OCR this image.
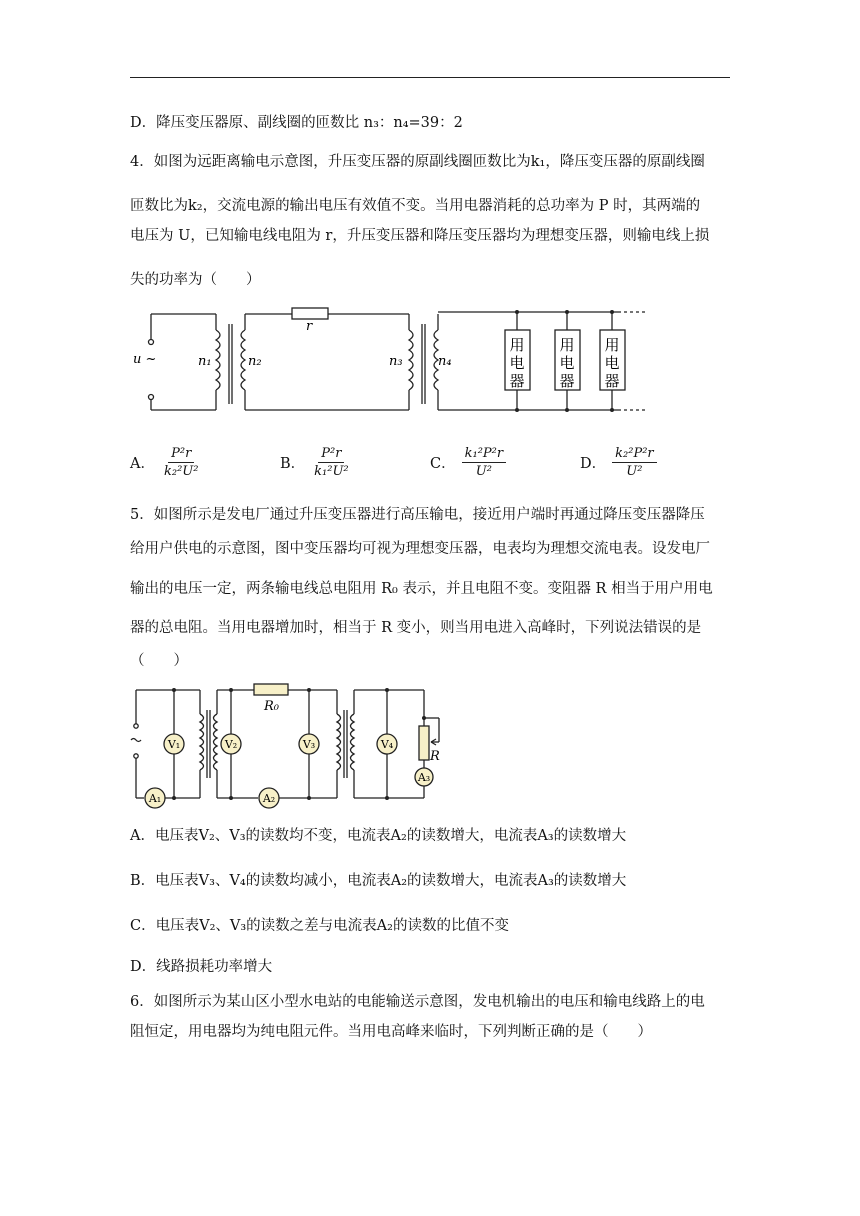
D．降压变压器原、副线圈的匝数比 n₃：n₄=39：2
4．如图为远距离输电示意图，升压变压器的原副线圈匝数比为k₁，降压变压器的原副线圈
匝数比为k₂，交流电源的输出电压有效值不变。当用电器消耗的总功率为 P 时，其两端的
电压为 U，已知输电线电阻为 r，升压变压器和降压变压器均为理想变压器，则输电线上损
失的功率为（　　）
u ~	n₁	n₂	n₃	n₄
r
用
电
器
用
电
器
用
电
器
A． $\frac{\text{P²r}}{\text{k₂²U²}}$	B． $\frac{\text{P²r}}{\text{k₁²U²}}$	C． $\frac{\text{k₁²P²r}}{\text{U²}}$	D． $\frac{\text{k₂²P²r}}{\text{U²}}$
5．如图所示是发电厂通过升压变压器进行高压输电，接近用户端时再通过降压变压器降压
给用户供电的示意图，图中变压器均可视为理想变压器，电表均为理想交流电表。设发电厂
输出的电压一定，两条输电线总电阻用 R₀ 表示，并且电阻不变。变阻器 R 相当于用户用电
器的总电阻。当用电器增加时，相当于 R 变小，则当用电进入高峰时，下列说法错误的是
（　　）
V₁	V₂	V₃	V₄
A₁	A₂
A₃
R₀
R
A．电压表V₂、V₃的读数均不变，电流表A₂的读数增大，电流表A₃的读数增大
B．电压表V₃、V₄的读数均减小，电流表A₂的读数增大，电流表A₃的读数增大
C．电压表V₂、V₃的读数之差与电流表A₂的读数的比值不变
D．线路损耗功率增大
6．如图所示为某山区小型水电站的电能输送示意图，发电机输出的电压和输电线路上的电
阻恒定，用电器均为纯电阻元件。当用电高峰来临时，下列判断正确的是（　　）
